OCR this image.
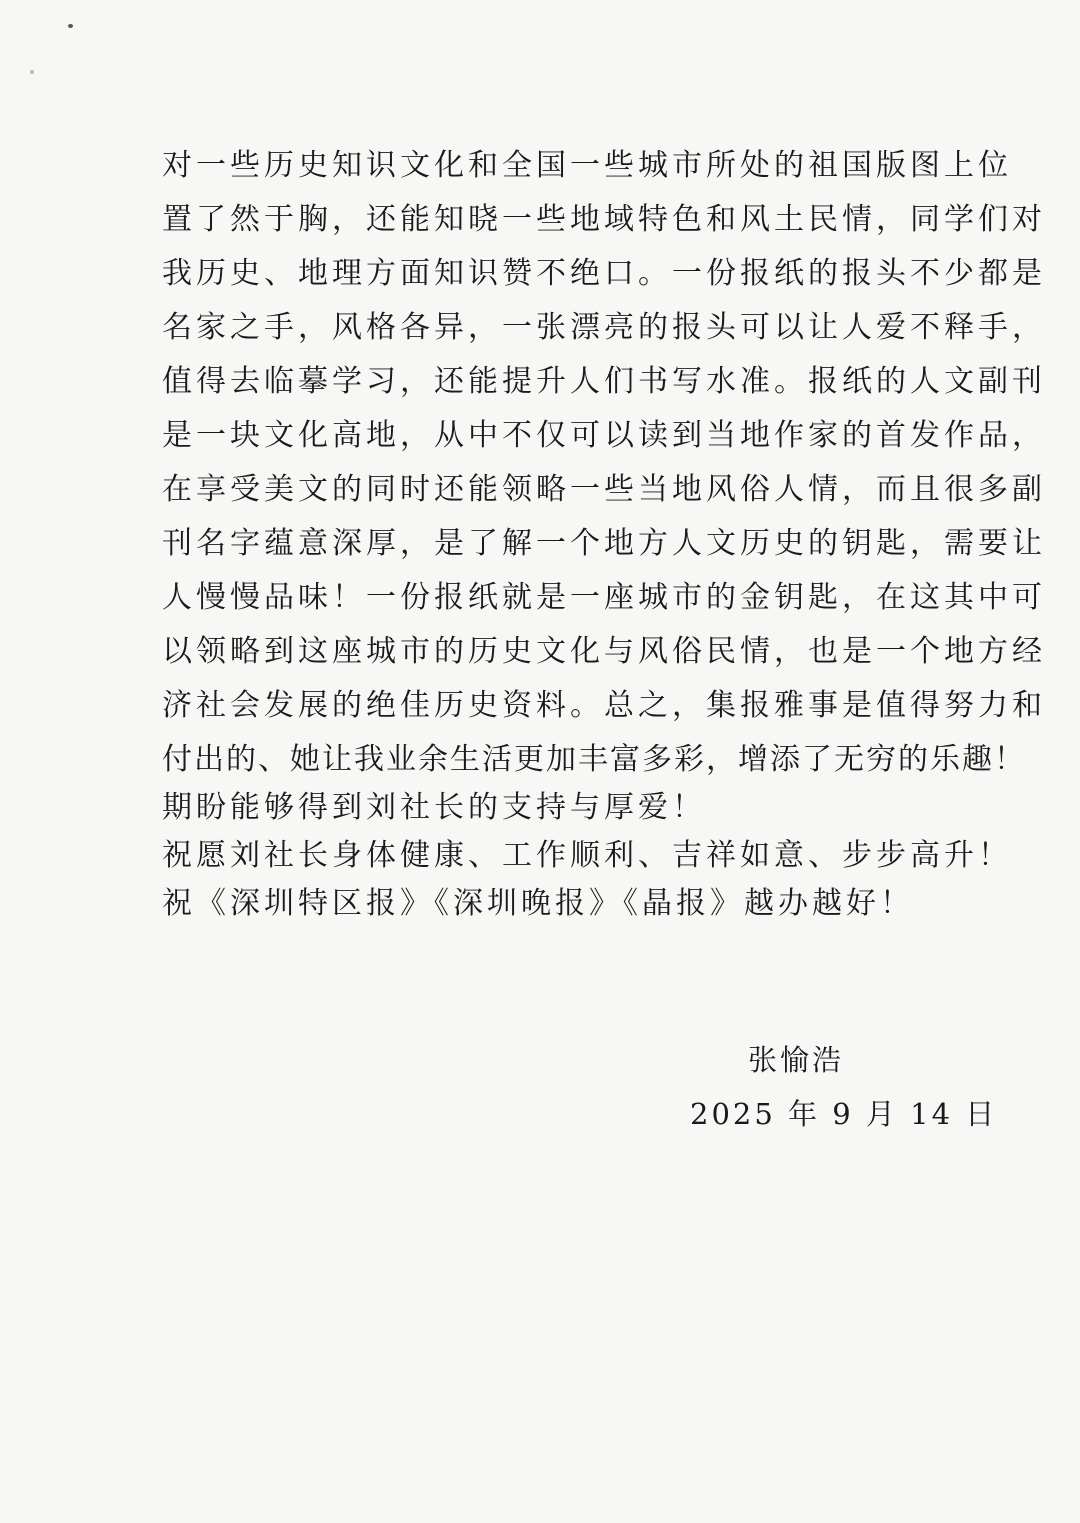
对一些历史知识文化和全国一些城市所处的祖国版图上位
置了然于胸，还能知晓一些地域特色和风土民情，同学们对
我历史、地理方面知识赞不绝口。一份报纸的报头不少都是
名家之手，风格各异，一张漂亮的报头可以让人爱不释手，
值得去临摹学习，还能提升人们书写水准。报纸的人文副刊
是一块文化高地，从中不仅可以读到当地作家的首发作品，
在享受美文的同时还能领略一些当地风俗人情，而且很多副
刊名字蕴意深厚，是了解一个地方人文历史的钥匙，需要让
人慢慢品味！一份报纸就是一座城市的金钥匙，在这其中可
以领略到这座城市的历史文化与风俗民情，也是一个地方经
济社会发展的绝佳历史资料。总之，集报雅事是值得努力和
付出的、她让我业余生活更加丰富多彩，增添了无穷的乐趣！
期盼能够得到刘社长的支持与厚爱！
祝愿刘社长身体健康、工作顺利、吉祥如意、步步高升！
祝《深圳特区报》《深圳晚报》《晶报》越办越好！
张愉浩
2025 年 9 月 14 日
